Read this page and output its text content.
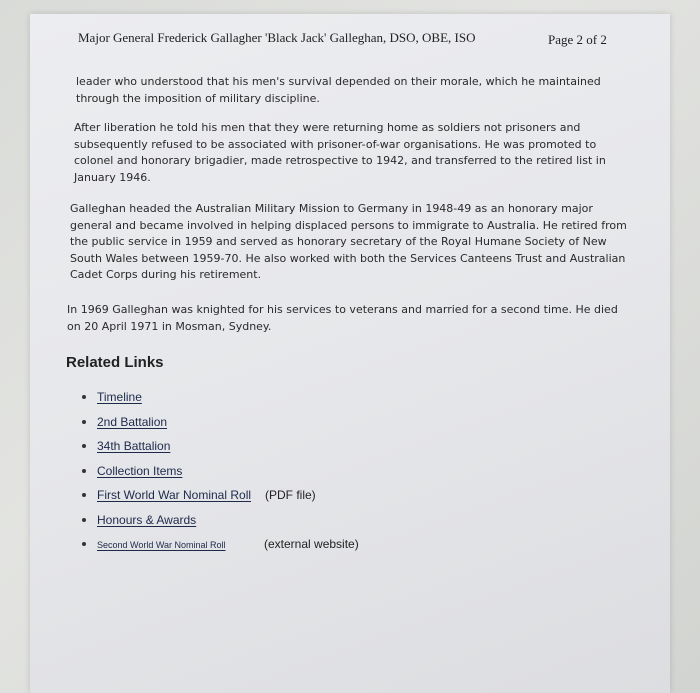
Major General Frederick Gallagher 'Black Jack' Galleghan, DSO, OBE, ISO	Page 2 of 2

leader who understood that his men's survival depended on their morale, which he maintained through the imposition of military discipline.

After liberation he told his men that they were returning home as soldiers not prisoners and subsequently refused to be associated with prisoner-of-war organisations. He was promoted to colonel and honorary brigadier, made retrospective to 1942, and transferred to the retired list in January 1946.

Galleghan headed the Australian Military Mission to Germany in 1948-49 as an honorary major general and became involved in helping displaced persons to immigrate to Australia. He retired from the public service in 1959 and served as honorary secretary of the Royal Humane Society of New South Wales between 1959-70. He also worked with both the Services Canteens Trust and Australian Cadet Corps during his retirement.

In 1969 Galleghan was knighted for his services to veterans and married for a second time. He died on 20 April 1971 in Mosman, Sydney.

Related Links
Timeline
2nd Battalion
34th Battalion
Collection Items
First World War Nominal Roll (PDF file)
Honours & Awards
Second World War Nominal Roll	(external website)
